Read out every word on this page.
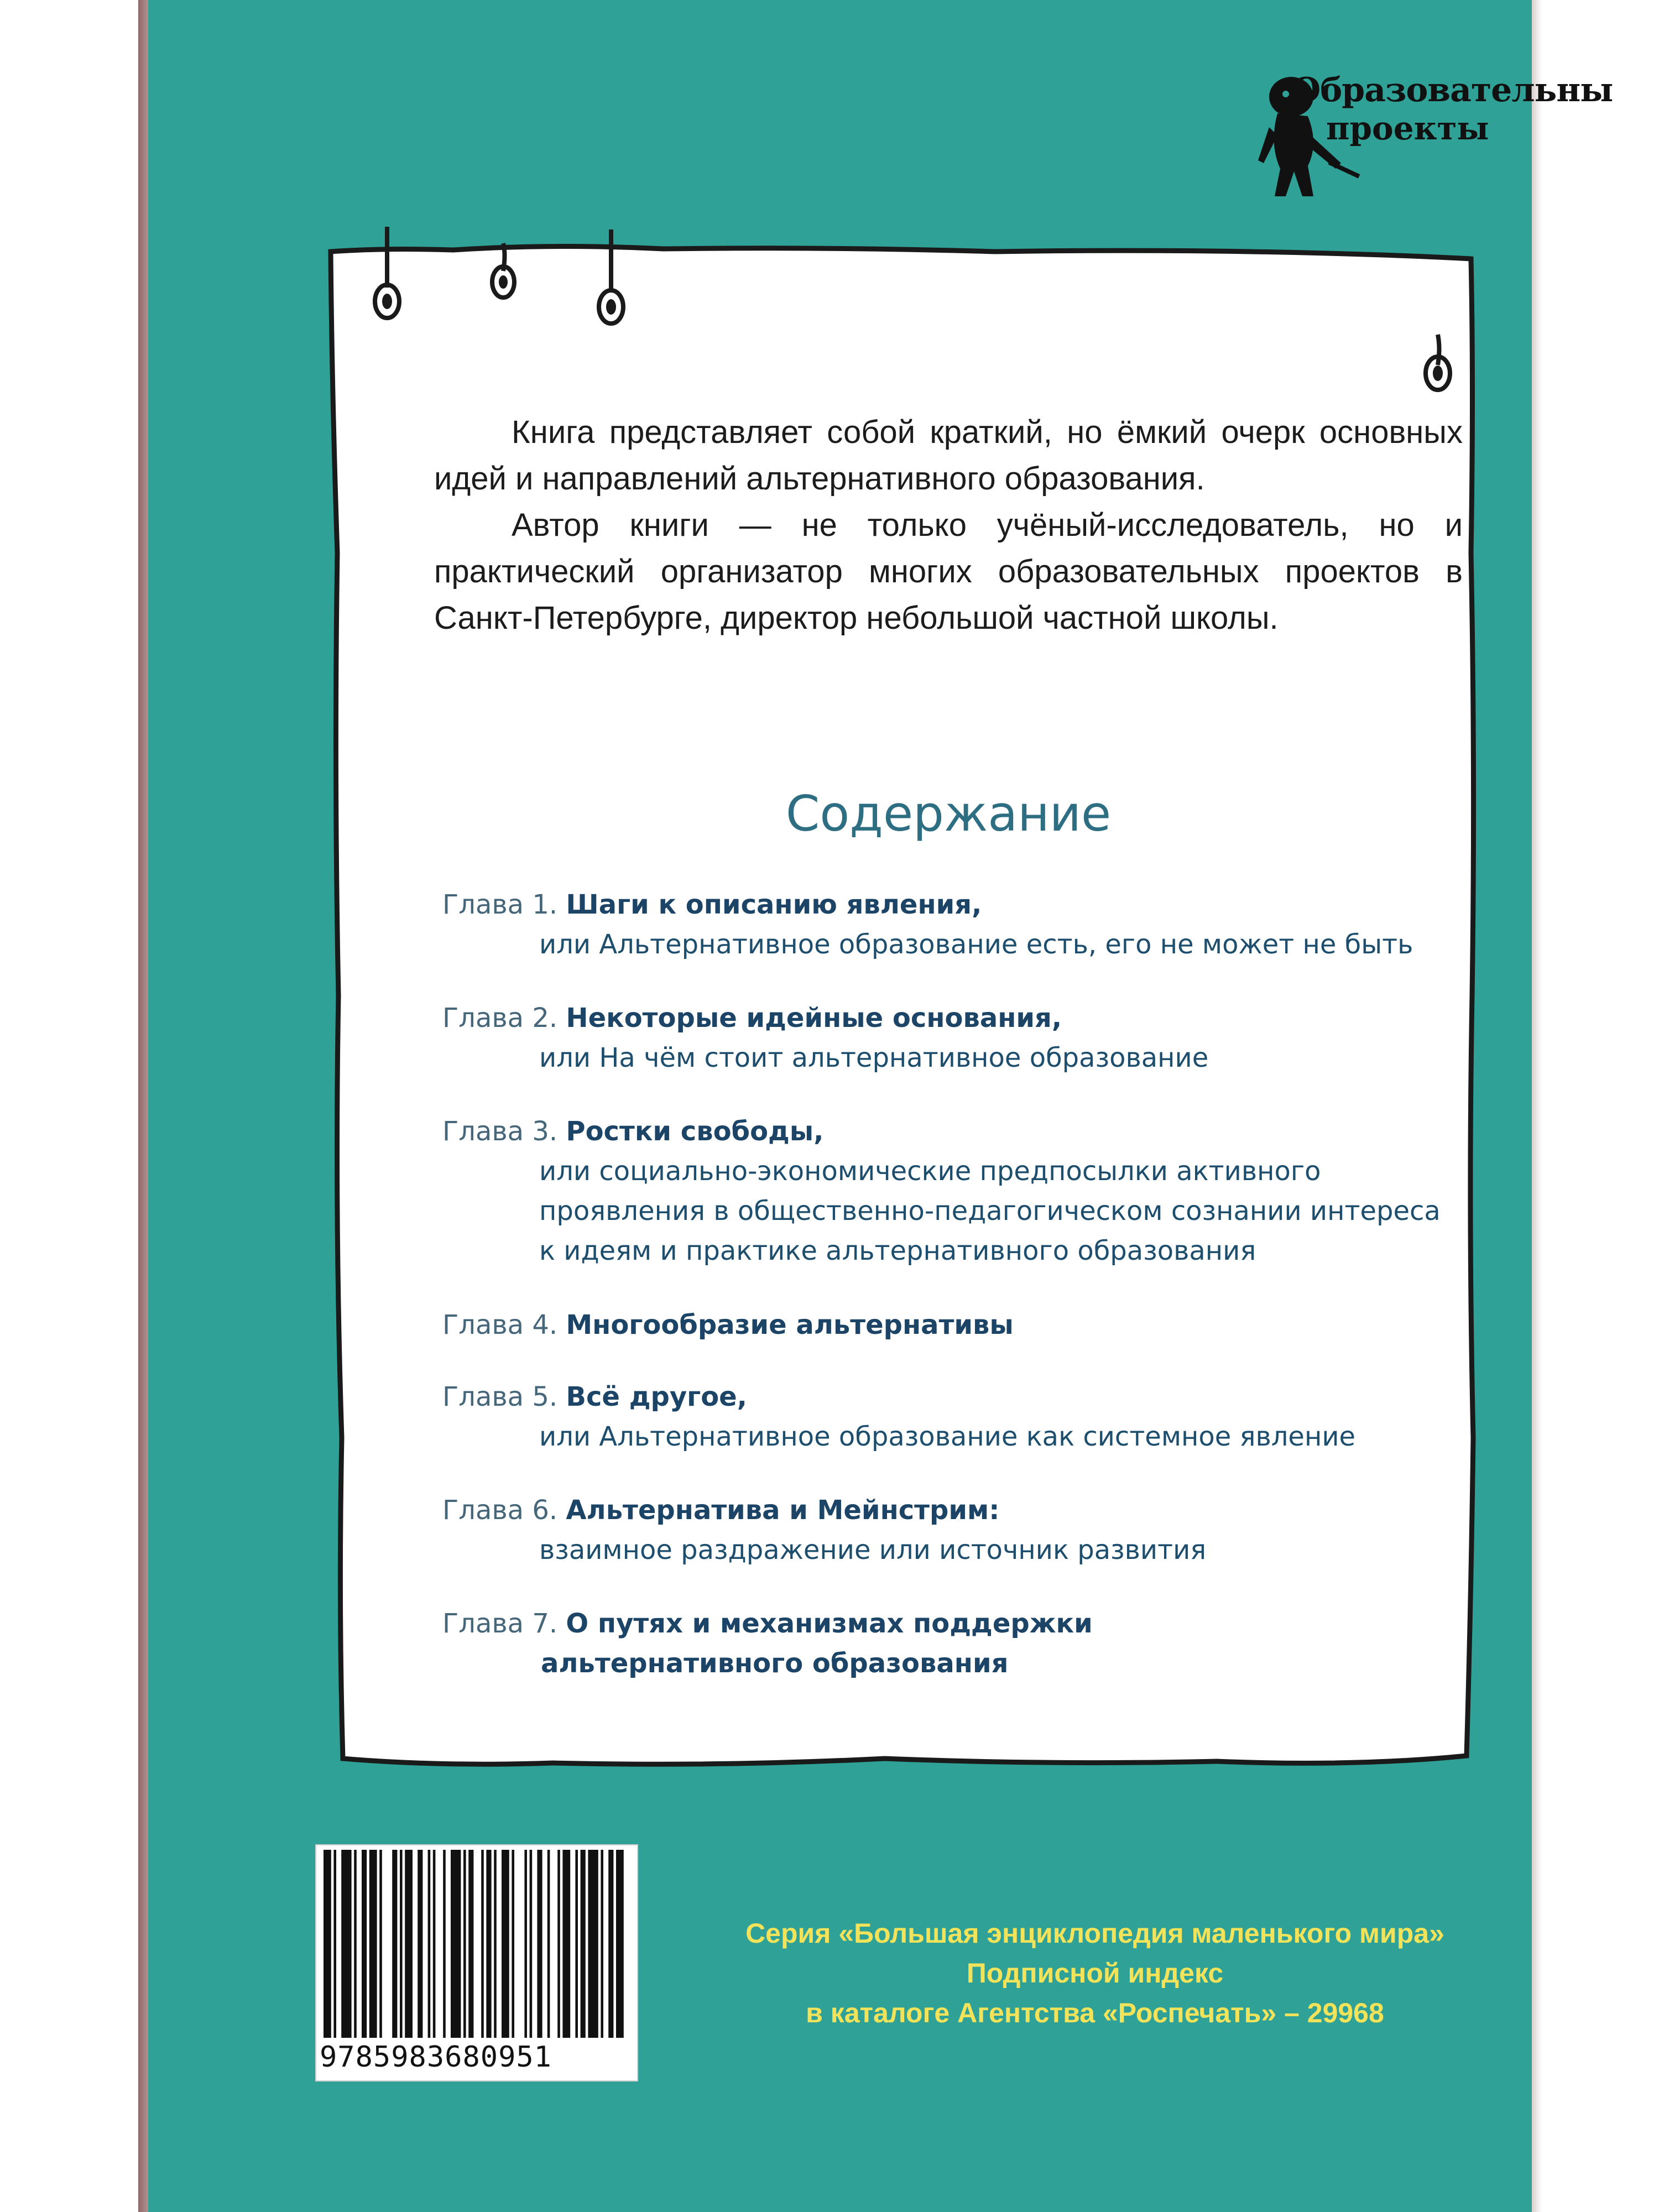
Образовательны
проекты

Книга представляет собой краткий, но ёмкий очерк основных идей и направлений альтернативного образования.

Автор книги — не только учёный-исследователь, но и практический организатор многих образовательных проектов в Санкт-Петербурге, директор небольшой частной школы.

Содержание
Глава 1. Шаги к описанию явления,
или Альтернативное образование есть, его не может не быть
Глава 2. Некоторые идейные основания,
или На чём стоит альтернативное образование
Глава 3. Ростки свободы,
или социально-экономические предпосылки активного
проявления в общественно-педагогическом сознании интереса
к идеям и практике альтернативного образования
Глава 4. Многообразие альтернативы
Глава 5. Всё другое,
или Альтернативное образование как системное явление
Глава 6. Альтернатива и Мейнстрим:
взаимное раздражение или источник развития
Глава 7. О путях и механизмах поддержки
альтернативного образования
9785983680951
Серия «Большая энциклопедия маленького мира»
Подписной индекс
в каталоге Агентства «Роспечать» – 29968
